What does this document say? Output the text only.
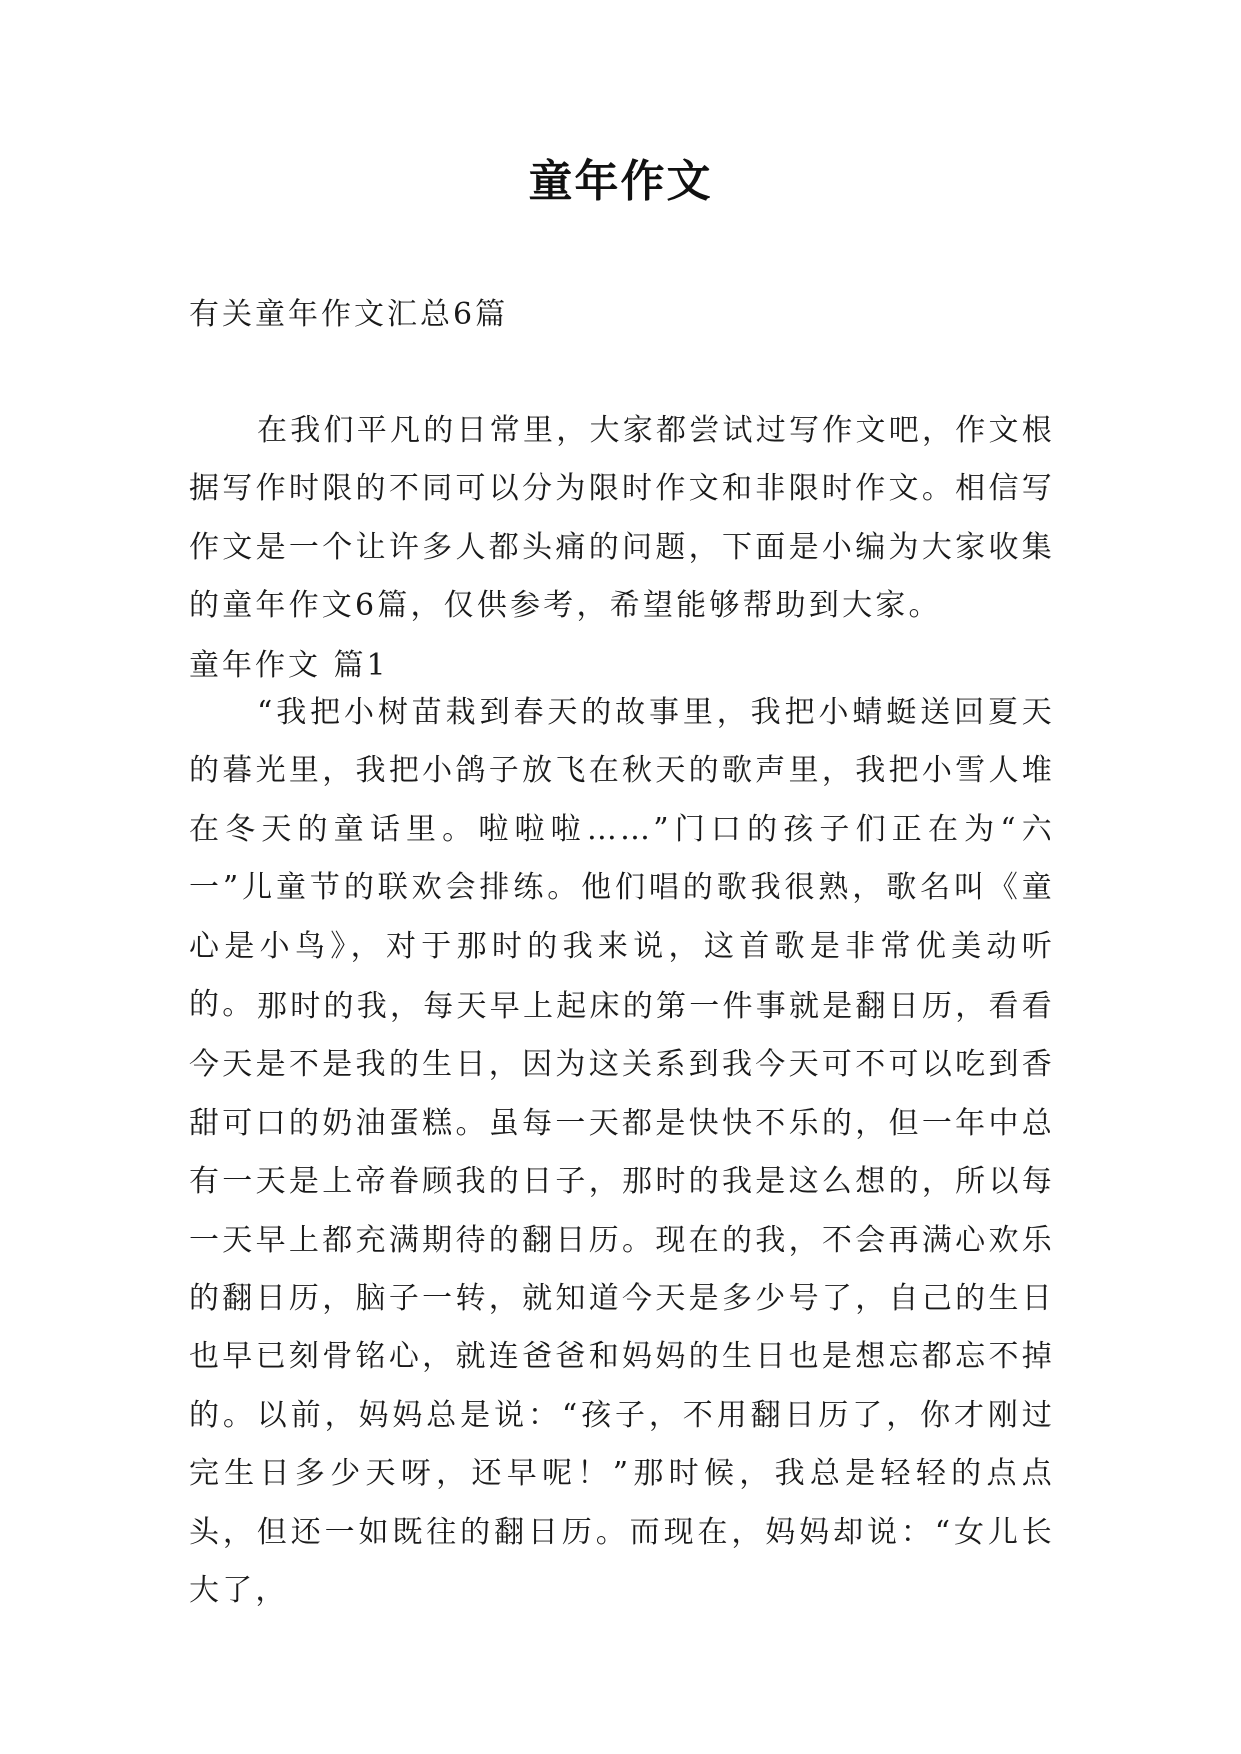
童年作文
有关童年作文汇总6篇

在我们平凡的日常里，大家都尝试过写作文吧，作文根据写作时限的不同可以分为限时作文和非限时作文。相信写作文是一个让许多人都头痛的问题，下面是小编为大家收集的童年作文6篇，仅供参考，希望能够帮助到大家。

童年作文 篇1

“我把小树苗栽到春天的故事里，我把小蜻蜓送回夏天的暮光里，我把小鸽子放飞在秋天的歌声里，我把小雪人堆在冬天的童话里。啦啦啦……”门口的孩子们正在为“六一”儿童节的联欢会排练。他们唱的歌我很熟，歌名叫《童心是小鸟》，对于那时的我来说，这首歌是非常优美动听的。 那时的我，每天早上起床的第一件事就是翻日历，看看今天是不是我的生日，因为这关系到我今天可不可以吃到香甜可口的奶油蛋糕。虽每一天都是快快不乐的，但一年中总有一天是上帝眷顾我的日子，那时的我是这么想的，所以每一天早上都充满期待的翻日历。现在的我，不会再满心欢乐的翻日历，脑子一转，就知道今天是多少号了，自己的生日也早已刻骨铭心，就连爸爸和妈妈的生日也是想忘都忘不掉的。以前，妈妈总是说：“孩子，不用翻日历了，你才刚过完生日多少天呀，还早呢！”那时候，我总是轻轻的点点头，但还一如既往的翻日历。而现在，妈妈却说：“女儿长大了，
